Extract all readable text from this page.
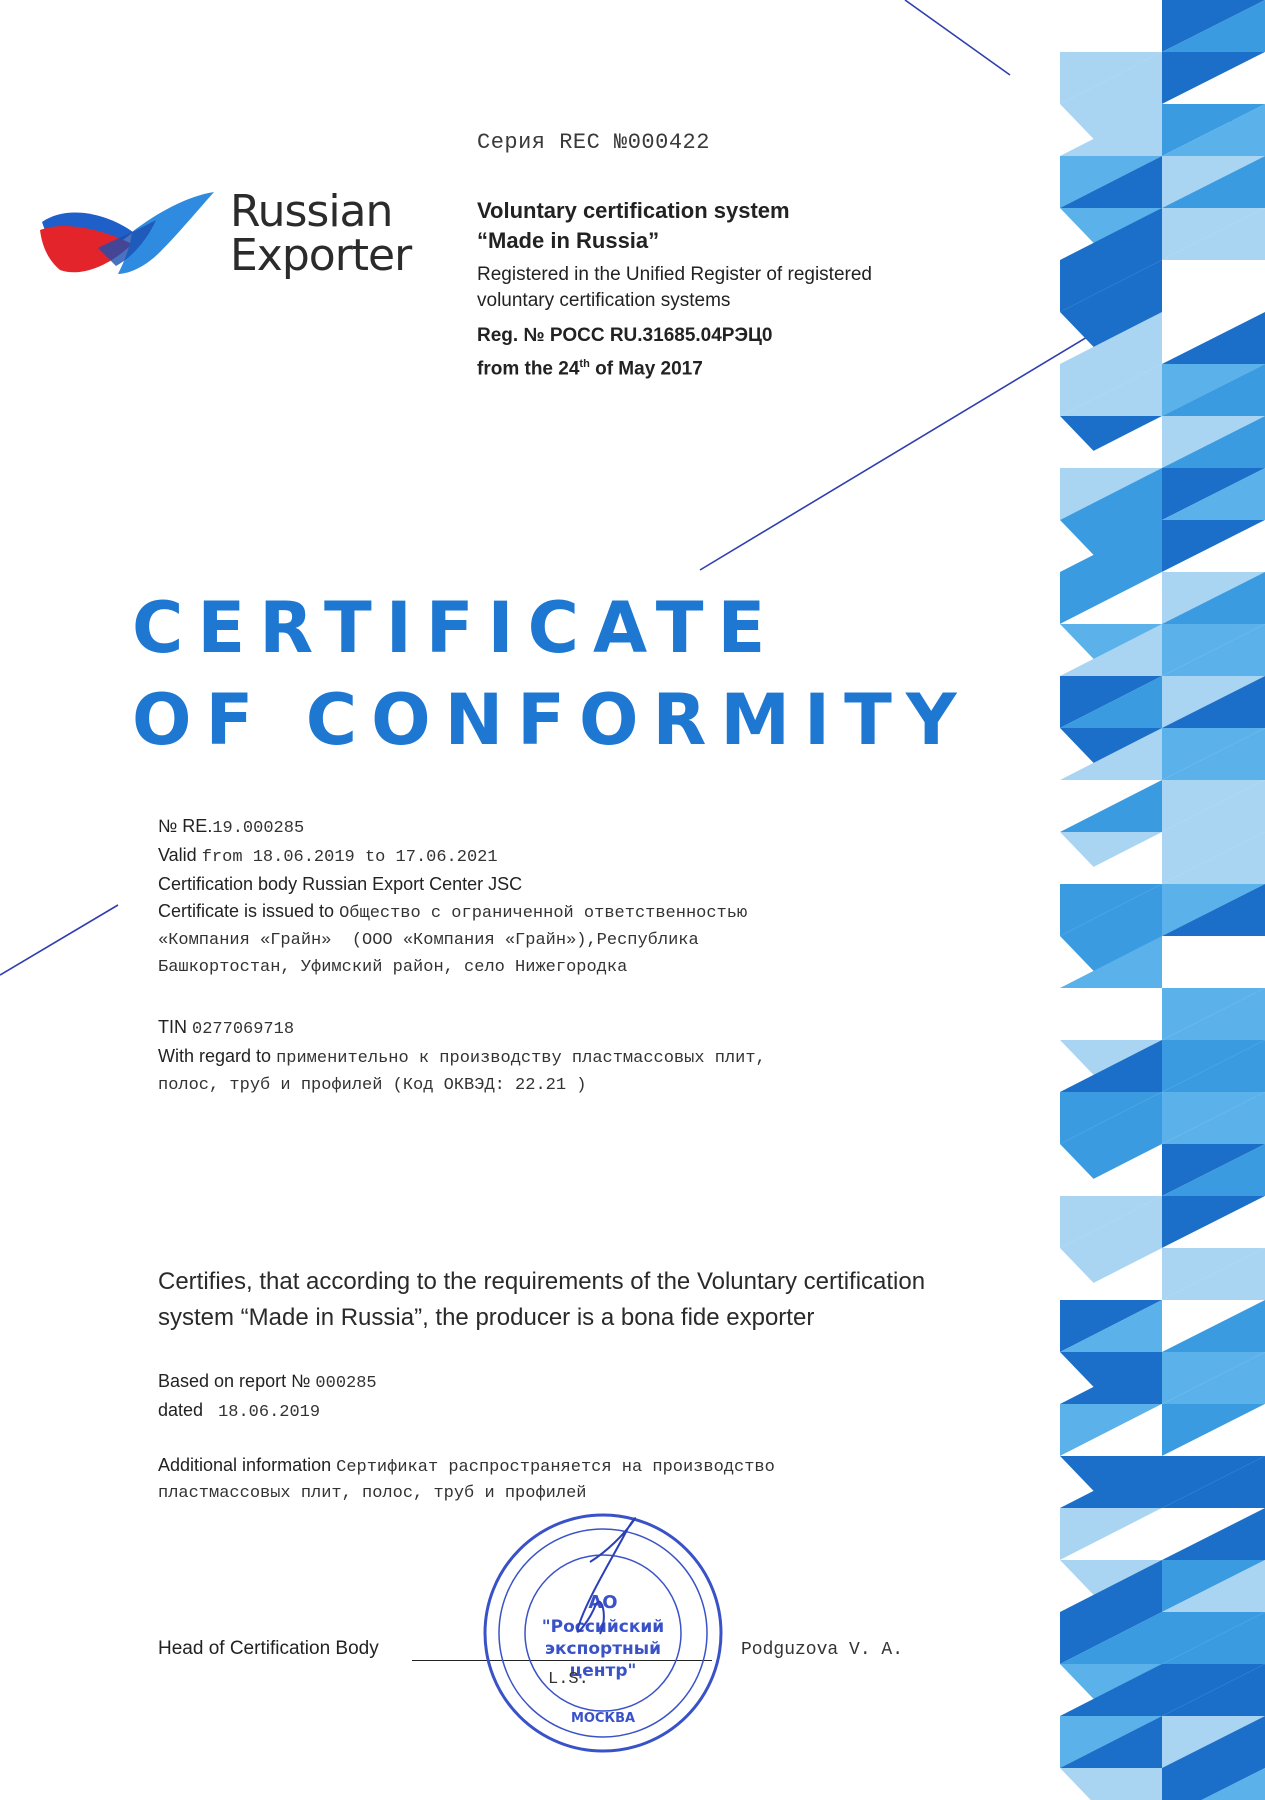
Серия REC №000422

Russian
Exporter
Voluntary certification system
“Made in Russia”
Registered in the Unified Register of registered
voluntary certification systems
Reg. № РОСС RU.31685.04РЭЦ0
from the 24th of May 2017
CERTIFICATE
OF CONFORMITY
№ RE.19.000285
Valid from 18.06.2019 to 17.06.2021
Certification body Russian Export Center JSC
Certificate is issued to Общество с ограниченной ответственностью
«Компания «Грайн»  (ООО «Компания «Грайн»),Республика
Башкортостан, Уфимский район, село Нижегородка
TIN 0277069718
With regard to применительно к производству пластмассовых плит,
полос, труб и профилей (Код ОКВЭД: 22.21 )
Certifies, that according to the requirements of the Voluntary certification system “Made in Russia”, the producer is a bona fide exporter
Based on report № 000285
dated 18.06.2019
Additional information Сертификат распространяется на производство
пластмассовых плит, полос, труб и профилей
Head of Certification Body	Podguzova V. A.
АО
"Российский
экспортный
центр"
МОСКВА
L.S.
